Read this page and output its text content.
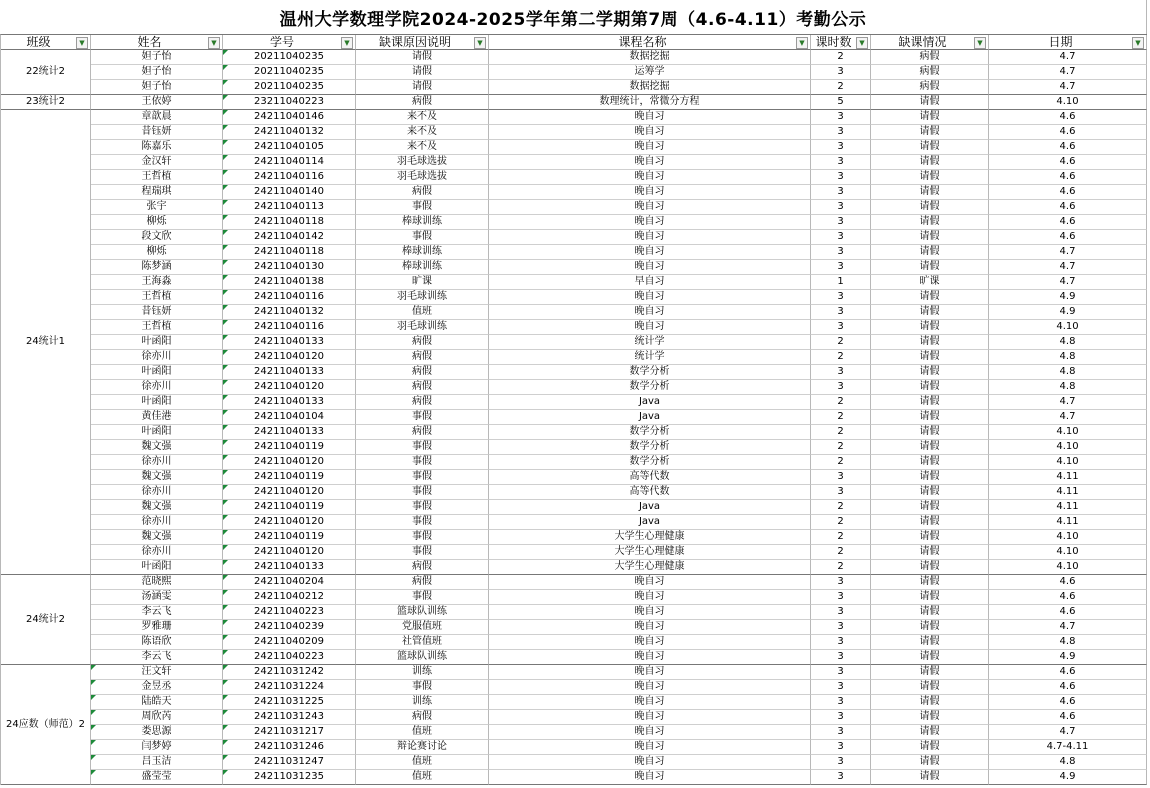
温州大学数理学院2024-2025学年第二学期第7周（4.6-4.11）考勤公示
班级	▼	姓名	▼	学号	▼	缺课原因说明	▼	课程名称	▼ 课时数	▼	缺课情况	▼	日期	▼
22统计2
妲子怡	20211040235	请假	数据挖掘	2	病假	4.7
妲子怡	20211040235	请假	运筹学	3	病假	4.7
妲子怡	20211040235	请假	数据挖掘	2	病假	4.7
23统计2	王依婷	23211040223	病假	数理统计，常微分方程	5	请假	4.10
24统计1
章歆晨	24211040146	来不及	晚自习	3	请假	4.6
昔钰妍	24211040132	来不及	晚自习	3	请假	4.6
陈嘉乐	24211040105	来不及	晚自习	3	请假	4.6
金汉轩	24211040114	羽毛球选拔	晚自习	3	请假	4.6
王哲植	24211040116	羽毛球选拔	晚自习	3	请假	4.6
程瑞琪	24211040140	病假	晚自习	3	请假	4.6
张宇	24211040113	事假	晚自习	3	请假	4.6
柳烁	24211040118	棒球训练	晚自习	3	请假	4.6
段文欣	24211040142	事假	晚自习	3	请假	4.6
柳烁	24211040118	棒球训练	晚自习	3	请假	4.7
陈梦涵	24211040130	棒球训练	晚自习	3	请假	4.7
王海淼	24211040138	旷课	早自习	1	旷课	4.7
王哲植	24211040116	羽毛球训练	晚自习	3	请假	4.9
昔钰妍	24211040132	值班	晚自习	3	请假	4.9
王哲植	24211040116	羽毛球训练	晚自习	3	请假	4.10
叶函阳	24211040133	病假	统计学	2	请假	4.8
徐亦川	24211040120	病假	统计学	2	请假	4.8
叶函阳	24211040133	病假	数学分析	3	请假	4.8
徐亦川	24211040120	病假	数学分析	3	请假	4.8
叶函阳	24211040133	病假	Java	2	请假	4.7
黄佳港	24211040104	事假	Java	2	请假	4.7
叶函阳	24211040133	病假	数学分析	2	请假	4.10
魏文强	24211040119	事假	数学分析	2	请假	4.10
徐亦川	24211040120	事假	数学分析	2	请假	4.10
魏文强	24211040119	事假	高等代数	3	请假	4.11
徐亦川	24211040120	事假	高等代数	3	请假	4.11
魏文强	24211040119	事假	Java	2	请假	4.11
徐亦川	24211040120	事假	Java	2	请假	4.11
魏文强	24211040119	事假	大学生心理健康	2	请假	4.10
徐亦川	24211040120	事假	大学生心理健康	2	请假	4.10
叶函阳	24211040133	病假	大学生心理健康	2	请假	4.10
24统计2
范晓熙	24211040204	病假	晚自习	3	请假	4.6
汤涵雯	24211040212	事假	晚自习	3	请假	4.6
李云飞	24211040223	篮球队训练	晚自习	3	请假	4.6
罗雅珊	24211040239	党服值班	晚自习	3	请假	4.7
陈语欣	24211040209	社管值班	晚自习	3	请假	4.8
李云飞	24211040223	篮球队训练	晚自习	3	请假	4.9
24应数（师范）2
汪文轩	24211031242	训练	晚自习	3	请假	4.6
金昱丞	24211031224	事假	晚自习	3	请假	4.6
陆皓天	24211031225	训练	晚自习	3	请假	4.6
周欣芮	24211031243	病假	晚自习	3	请假	4.6
娄思源	24211031217	值班	晚自习	3	请假	4.7
闫梦婷	24211031246	辩论赛讨论	晚自习	3	请假	4.7-4.11
吕玉洁	24211031247	值班	晚自习	3	请假	4.8
盛莹莹	24211031235	值班	晚自习	3	请假	4.9
